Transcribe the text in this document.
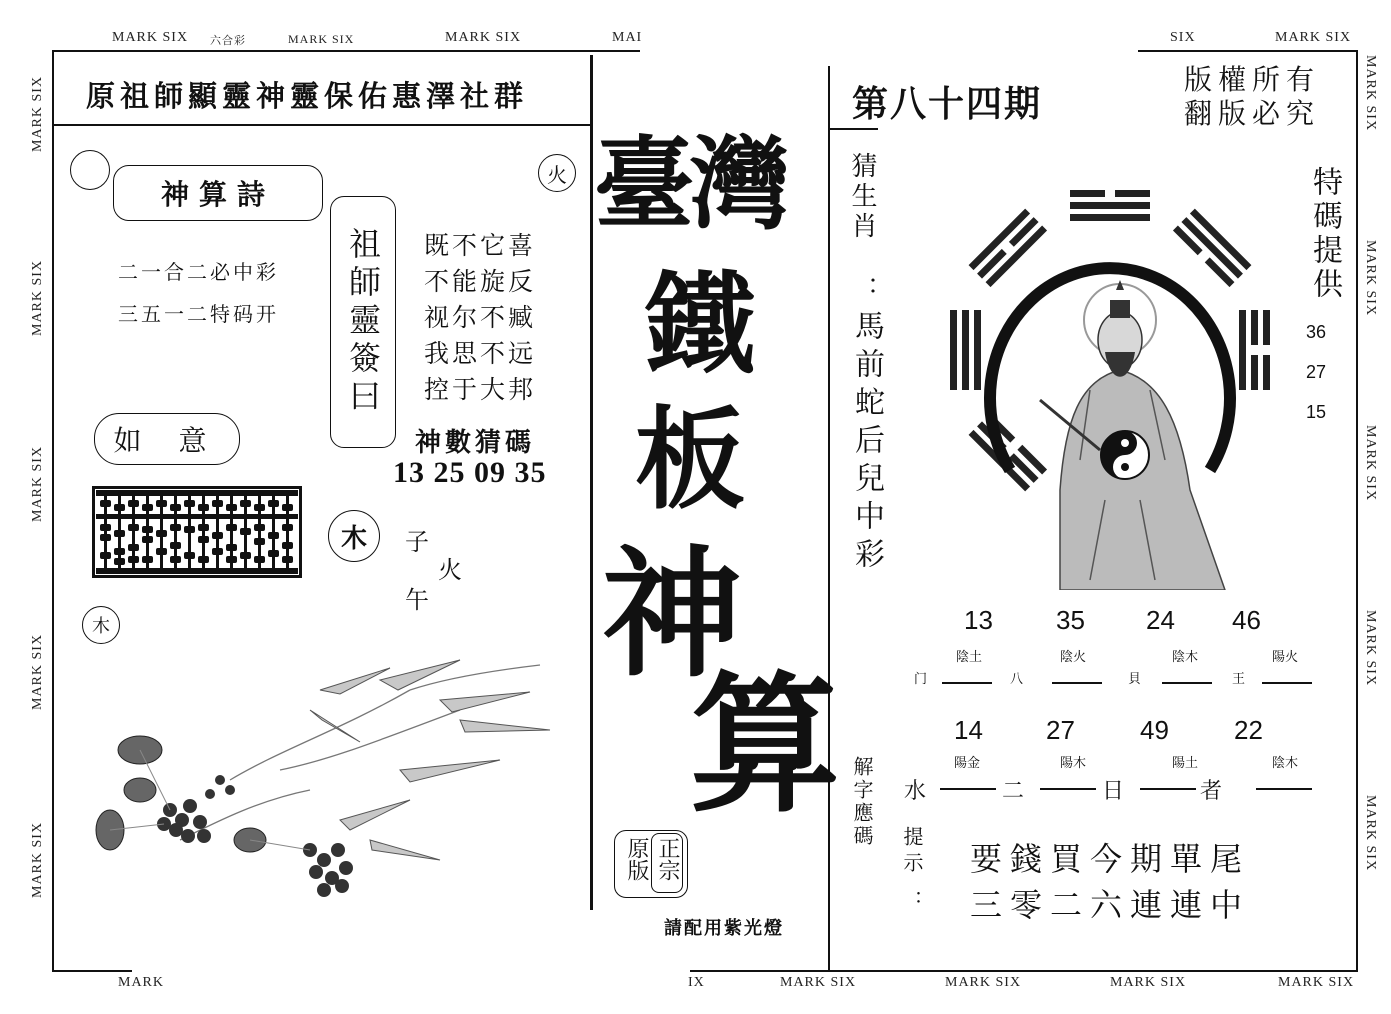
MARK SIX 六合彩	MARK SIX	MARK SIX	MAI	SIX	MARK SIX
MARK	IX	MARK SIX	MARK SIX	MARK SIX	MARK SIX
MARK SIX
MARK SIX
MARK SIX
MARK SIX
MARK SIX
MARK SIX
MARK SIX
MARK SIX
MARK SIX
MARK SIX
原祖師顯靈神靈保佑惠澤社群
神算詩
火
二一合二必中彩
三五一二特码开 祖師靈簽曰 既不它喜
不能旋反
视尔不臧
我思不远
控于大邦
如 意	神數猜碼
13 25 09 35
木 子
火
午
木
臺灣
鐵
板
神
算
原版 正宗
請配用紫光燈
第八十四期
版權所有
翻版必究
猜生肖
：
馬前蛇后兒中彩
特碼提供
36
27
15
13 35 24 46
陰土	陰火	陰木	陽火
门	八	貝	王
14 27	49	22
陽金	陽木	陽土	陰木
水	二	日	者
解字應碼
提示
：
要錢買今期單尾
三零二六連連中
